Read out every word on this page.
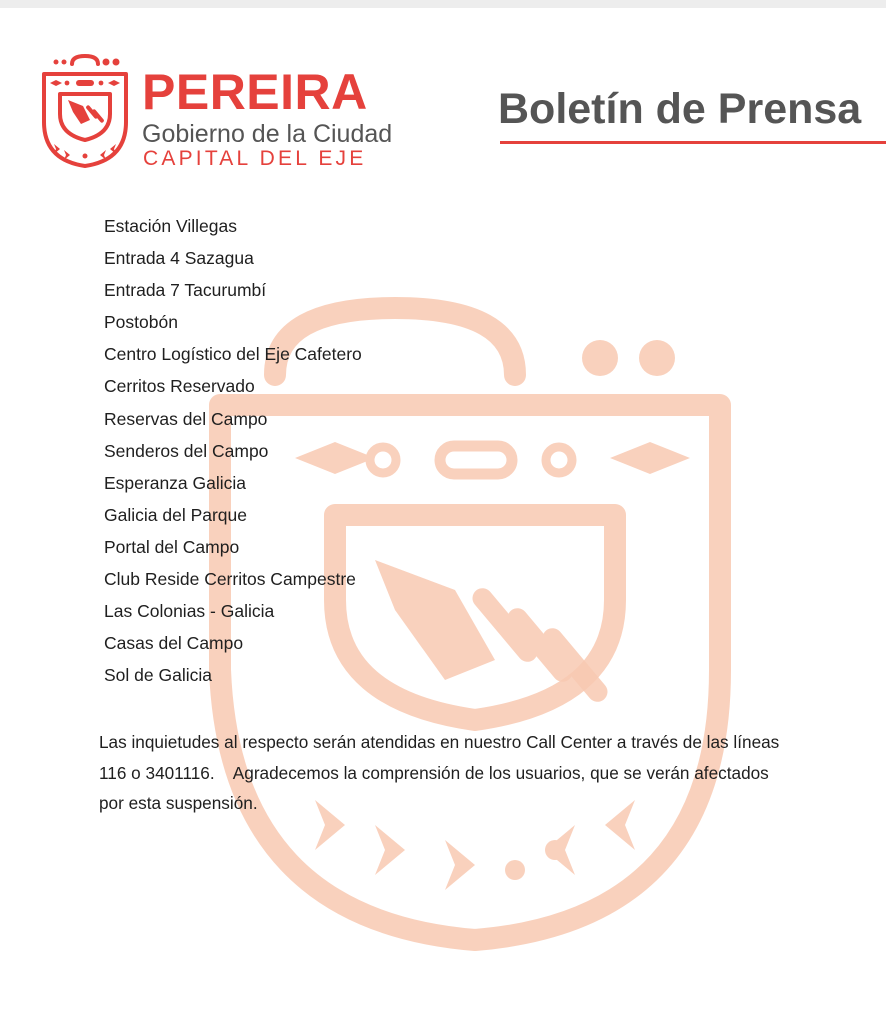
PEREIRA
Gobierno de la Ciudad
CAPITAL DEL EJE
Boletín de Prensa
Estación Villegas
Entrada 4 Sazagua
Entrada 7 Tacurumbí
Postobón
Centro Logístico del Eje Cafetero
Cerritos Reservado
Reservas del Campo
Senderos del Campo
Esperanza Galicia
Galicia del Parque
Portal del Campo
Club Reside Cerritos Campestre
Las Colonias - Galicia
Casas del Campo
Sol de Galicia

Las inquietudes al respecto serán atendidas en nuestro Call Center a través de las líneas
116 o 3401116.    Agradecemos la comprensión de los usuarios, que se verán afectados
por esta suspensión.
